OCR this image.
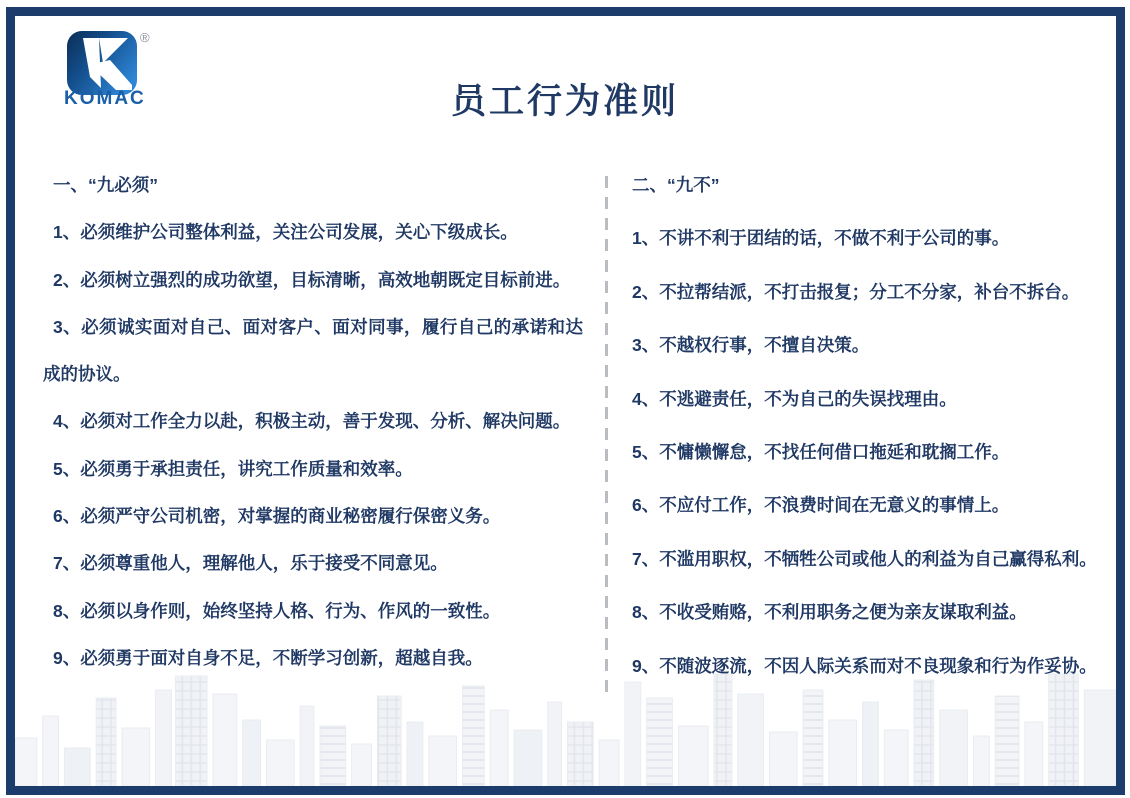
®
KOMAC	员工行为准则

一、“九必须”

1、必须维护公司整体利益，关注公司发展，关心下级成长。

2、必须树立强烈的成功欲望，目标清晰，高效地朝既定目标前进。

3、必须诚实面对自己、面对客户、面对同事，履行自己的承诺和达成的协议。

4、必须对工作全力以赴，积极主动，善于发现、分析、解决问题。

5、必须勇于承担责任，讲究工作质量和效率。

6、必须严守公司机密，对掌握的商业秘密履行保密义务。

7、必须尊重他人，理解他人，乐于接受不同意见。

8、必须以身作则，始终坚持人格、行为、作风的一致性。

9、必须勇于面对自身不足，不断学习创新，超越自我。

二、“九不”

1、不讲不利于团结的话，不做不利于公司的事。

2、不拉帮结派，不打击报复；分工不分家，补台不拆台。

3、不越权行事，不擅自决策。

4、不逃避责任，不为自己的失误找理由。

5、不慵懒懈怠，不找任何借口拖延和耽搁工作。

6、不应付工作，不浪费时间在无意义的事情上。

7、不滥用职权，不牺牲公司或他人的利益为自己赢得私利。

8、不收受贿赂，不利用职务之便为亲友谋取利益。

9、不随波逐流，不因人际关系而对不良现象和行为作妥协。
